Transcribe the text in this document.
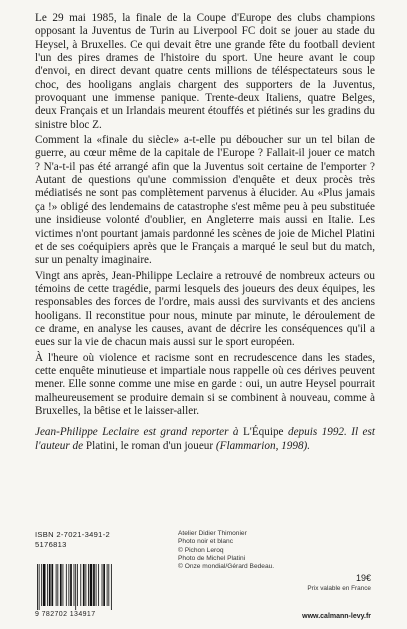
Le 29 mai 1985, la finale de la Coupe d'Europe des clubs champions opposant la Juventus de Turin au Liverpool FC doit se jouer au stade du Heysel, à Bruxelles. Ce qui devait être une grande fête du football devient l'un des pires drames de l'histoire du sport. Une heure avant le coup d'envoi, en direct devant quatre cents millions de téléspectateurs sous le choc, des hooligans anglais chargent des supporters de la Juventus, provoquant une immense panique. Trente-deux Italiens, quatre Belges, deux Français et un Irlandais meurent étouffés et piétinés sur les gradins du sinistre bloc Z.

Comment la «finale du siècle» a-t-elle pu déboucher sur un tel bilan de guerre, au cœur même de la capitale de l'Europe ? Fallait-il jouer ce match ? N'a-t-il pas été arrangé afin que la Juventus soit certaine de l'emporter ? Autant de questions qu'une commission d'enquête et deux procès très médiatisés ne sont pas complètement parvenus à élucider. Au «Plus jamais ça !» obligé des lendemains de catastrophe s'est même peu à peu substituée une insidieuse volonté d'oublier, en Angleterre mais aussi en Italie. Les victimes n'ont pourtant jamais pardonné les scènes de joie de Michel Platini et de ses coéquipiers après que le Français a marqué le seul but du match, sur un penalty imaginaire.

Vingt ans après, Jean-Philippe Leclaire a retrouvé de nombreux acteurs ou témoins de cette tragédie, parmi lesquels des joueurs des deux équipes, les responsables des forces de l'ordre, mais aussi des survivants et des anciens hooligans. Il reconstitue pour nous, minute par minute, le déroulement de ce drame, en analyse les causes, avant de décrire les conséquences qu'il a eues sur la vie de chacun mais aussi sur le sport européen.

À l'heure où violence et racisme sont en recrudescence dans les stades, cette enquête minutieuse et impartiale nous rappelle où ces dérives peuvent mener. Elle sonne comme une mise en garde : oui, un autre Heysel pourrait malheureusement se produire demain si se combinent à nouveau, comme à Bruxelles, la bêtise et le laisser-aller.

Jean-Philippe Leclaire est grand reporter à L'Équipe depuis 1992. Il est l'auteur de Platini, le roman d'un joueur (Flammarion, 1998).

ISBN 2-7021-3491-2
5176813
9 782702 134917
Atelier Didier Thimonier
Photo noir et blanc
© Pichon Leroq
Photo de Michel Platini
© Onze mondial/Gérard Bedeau.
19€
Prix valable en France
www.calmann-levy.fr
